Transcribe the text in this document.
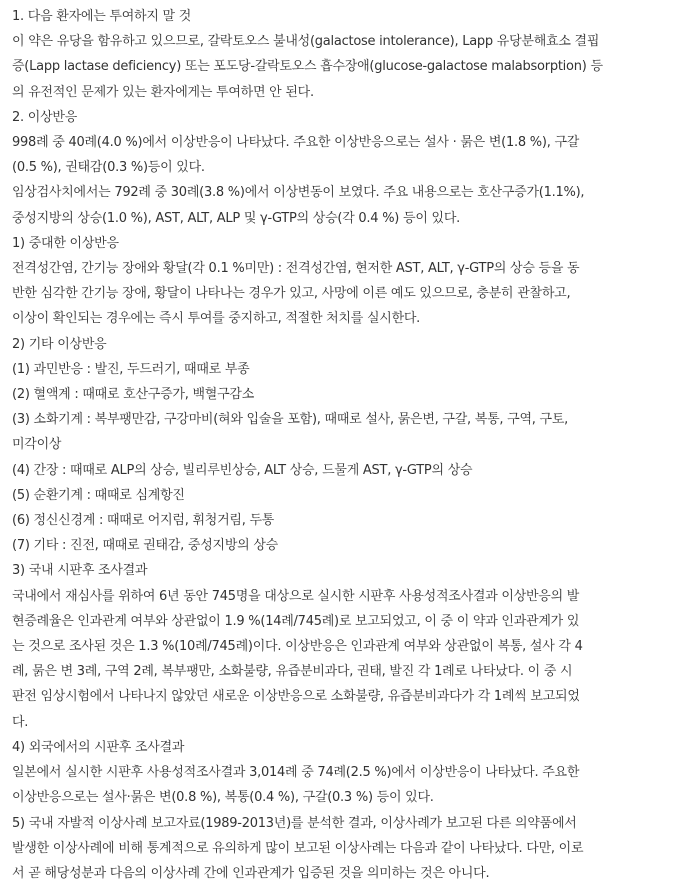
1. 다음 환자에는 투여하지 말 것
이 약은 유당을 함유하고 있으므로, 갈락토오스 불내성(galactose intolerance), Lapp 유당분해효소 결핍
증(Lapp lactase deficiency) 또는 포도당-갈락토오스 흡수장애(glucose-galactose malabsorption) 등
의 유전적인 문제가 있는 환자에게는 투여하면 안 된다.
2. 이상반응
998례 중 40례(4.0 %)에서 이상반응이 나타났다. 주요한 이상반응으로는 설사 · 묽은 변(1.8 %), 구갈
(0.5 %), 권태감(0.3 %)등이 있다.
임상검사치에서는 792례 중 30례(3.8 %)에서 이상변동이 보였다. 주요 내용으로는 호산구증가(1.1%),
중성지방의 상승(1.0 %), AST, ALT, ALP 및 γ-GTP의 상승(각 0.4 %) 등이 있다.
1) 중대한 이상반응
전격성간염, 간기능 장애와 황달(각 0.1 %미만) : 전격성간염, 현저한 AST, ALT, γ-GTP의 상승 등을 동
반한 심각한 간기능 장애, 황달이 나타나는 경우가 있고, 사망에 이른 예도 있으므로, 충분히 관찰하고,
이상이 확인되는 경우에는 즉시 투여를 중지하고, 적절한 처치를 실시한다.
2) 기타 이상반응
(1) 과민반응 : 발진, 두드러기, 때때로 부종
(2) 혈액계 : 때때로 호산구증가, 백혈구감소
(3) 소화기계 : 복부팽만감, 구강마비(혀와 입술을 포함), 때때로 설사, 묽은변, 구갈, 복통, 구역, 구토,
미각이상
(4) 간장 : 때때로 ALP의 상승, 빌리루빈상승, ALT 상승, 드물게 AST, γ-GTP의 상승
(5) 순환기계 : 때때로 심계항진
(6) 정신신경계 : 때때로 어지럼, 휘청거림, 두통
(7) 기타 : 진전, 때때로 권태감, 중성지방의 상승
3) 국내 시판후 조사결과
국내에서 재심사를 위하여 6년 동안 745명을 대상으로 실시한 시판후 사용성적조사결과 이상반응의 발
현증례율은 인과관계 여부와 상관없이 1.9 %(14례/745례)로 보고되었고, 이 중 이 약과 인과관계가 있
는 것으로 조사된 것은 1.3 %(10례/745례)이다. 이상반응은 인과관계 여부와 상관없이 복통, 설사 각 4
례, 묽은 변 3례, 구역 2례, 복부팽만, 소화불량, 유즙분비과다, 권태, 발진 각 1례로 나타났다. 이 중 시
판전 임상시험에서 나타나지 않았던 새로운 이상반응으로 소화불량, 유즙분비과다가 각 1례씩 보고되었
다.
4) 외국에서의 시판후 조사결과
일본에서 실시한 시판후 사용성적조사결과 3,014례 중 74례(2.5 %)에서 이상반응이 나타났다. 주요한
이상반응으로는 설사·묽은 변(0.8 %), 복통(0.4 %), 구갈(0.3 %) 등이 있다.
5) 국내 자발적 이상사례 보고자료(1989-2013년)를 분석한 결과, 이상사례가 보고된 다른 의약품에서
발생한 이상사례에 비해 통계적으로 유의하게 많이 보고된 이상사례는 다음과 같이 나타났다. 다만, 이로
서 곧 해당성분과 다음의 이상사례 간에 인과관계가 입증된 것을 의미하는 것은 아니다.
